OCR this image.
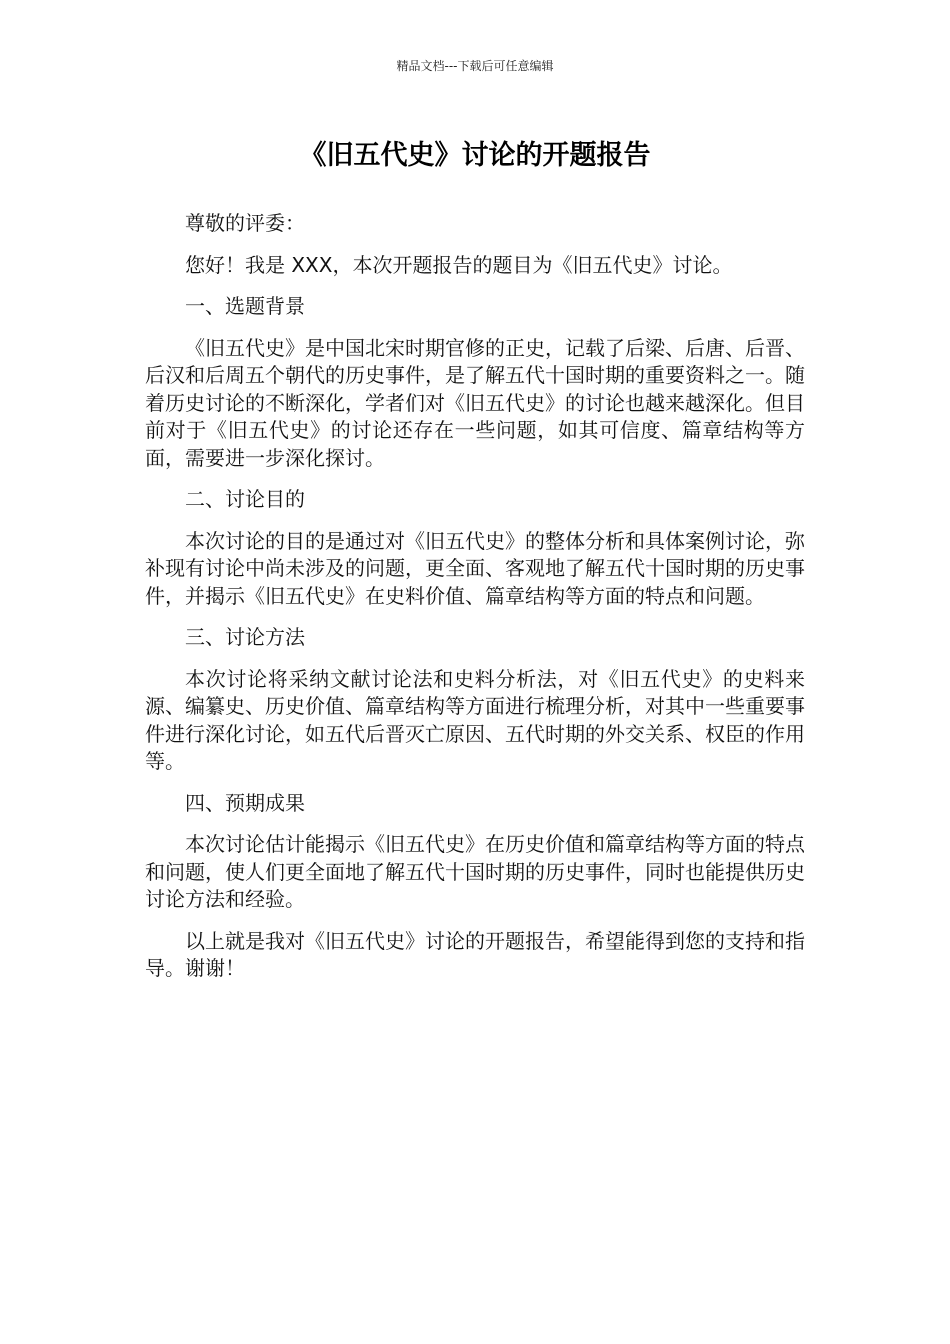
精品文档---下载后可任意编辑
《旧五代史》讨论的开题报告

尊敬的评委：

您好！我是 XXX，本次开题报告的题目为《旧五代史》讨论。

一、选题背景

《旧五代史》是中国北宋时期官修的正史，记载了后梁、后唐、后晋、后汉和后周五个朝代的历史事件，是了解五代十国时期的重要资料之一。随着历史讨论的不断深化，学者们对《旧五代史》的讨论也越来越深化。但目前对于《旧五代史》的讨论还存在一些问题，如其可信度、篇章结构等方面，需要进一步深化探讨。

二、讨论目的

本次讨论的目的是通过对《旧五代史》的整体分析和具体案例讨论，弥补现有讨论中尚未涉及的问题，更全面、客观地了解五代十国时期的历史事件，并揭示《旧五代史》在史料价值、篇章结构等方面的特点和问题。

三、讨论方法

本次讨论将采纳文献讨论法和史料分析法，对《旧五代史》的史料来源、编纂史、历史价值、篇章结构等方面进行梳理分析，对其中一些重要事件进行深化讨论，如五代后晋灭亡原因、五代时期的外交关系、权臣的作用等。

四、预期成果

本次讨论估计能揭示《旧五代史》在历史价值和篇章结构等方面的特点和问题，使人们更全面地了解五代十国时期的历史事件，同时也能提供历史讨论方法和经验。

以上就是我对《旧五代史》讨论的开题报告，希望能得到您的支持和指导。谢谢！
